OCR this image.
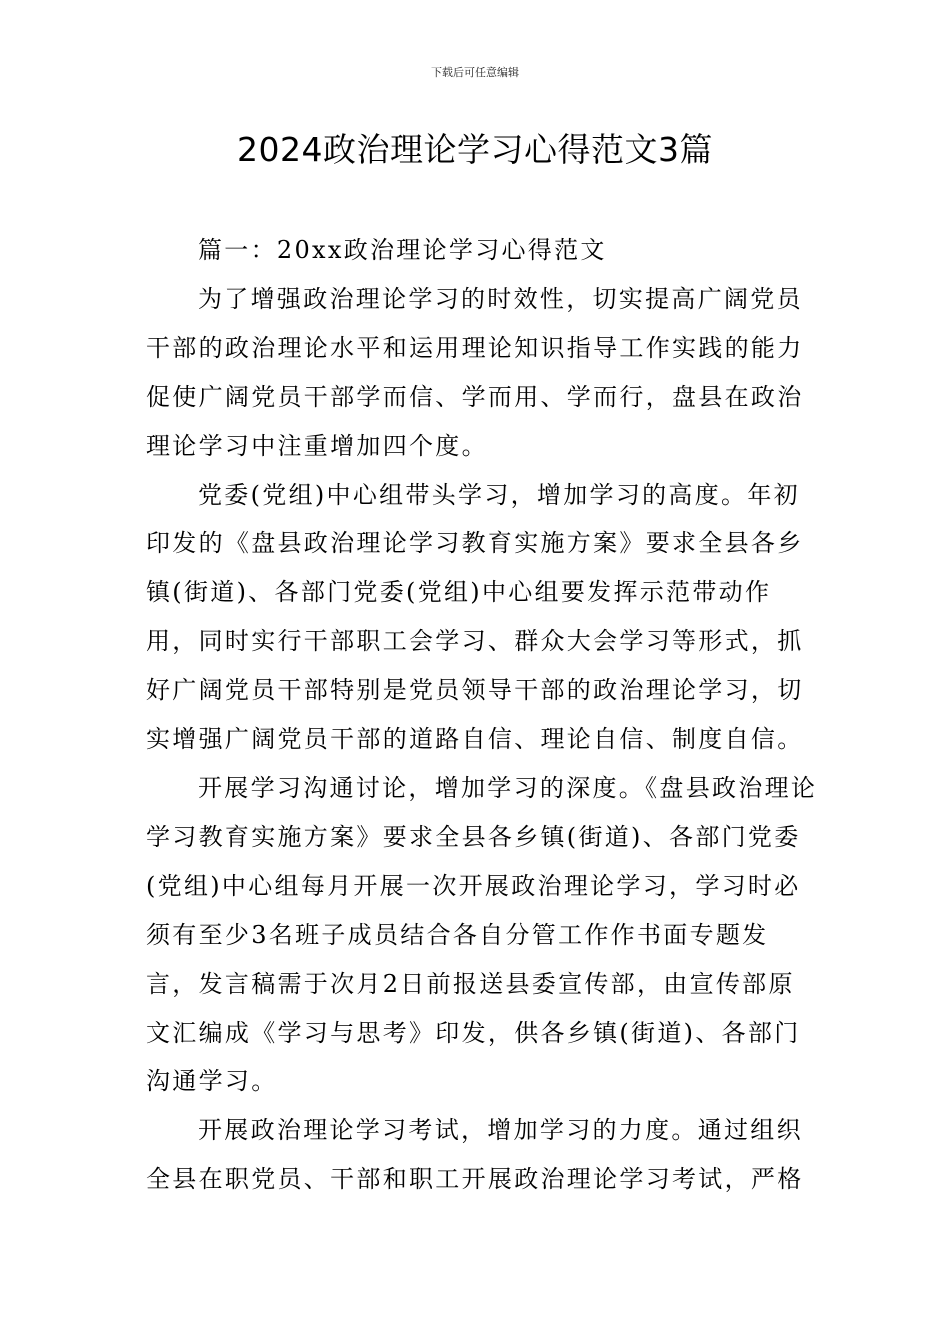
下载后可任意编辑
2024政治理论学习心得范文3篇

篇一：20xx政治理论学习心得范文

为了增强政治理论学习的时效性，切实提高广阔党员干部的政治理论水平和运用理论知识指导工作实践的能力促使广阔党员干部学而信、学而用、学而行，盘县在政治理论学习中注重增加四个度。

党委(党组)中心组带头学习，增加学习的高度。年初印发的《盘县政治理论学习教育实施方案》要求全县各乡镇(街道)、各部门党委(党组)中心组要发挥示范带动作用，同时实行干部职工会学习、群众大会学习等形式，抓好广阔党员干部特别是党员领导干部的政治理论学习，切实增强广阔党员干部的道路自信、理论自信、制度自信。

开展学习沟通讨论，增加学习的深度。《盘县政治理论学习教育实施方案》要求全县各乡镇(街道)、各部门党委(党组)中心组每月开展一次开展政治理论学习，学习时必须有至少3名班子成员结合各自分管工作作书面专题发言，发言稿需于次月2日前报送县委宣传部，由宣传部原文汇编成《学习与思考》印发，供各乡镇(街道)、各部门沟通学习。

开展政治理论学习考试，增加学习的力度。通过组织全县在职党员、干部和职工开展政治理论学习考试，严格
